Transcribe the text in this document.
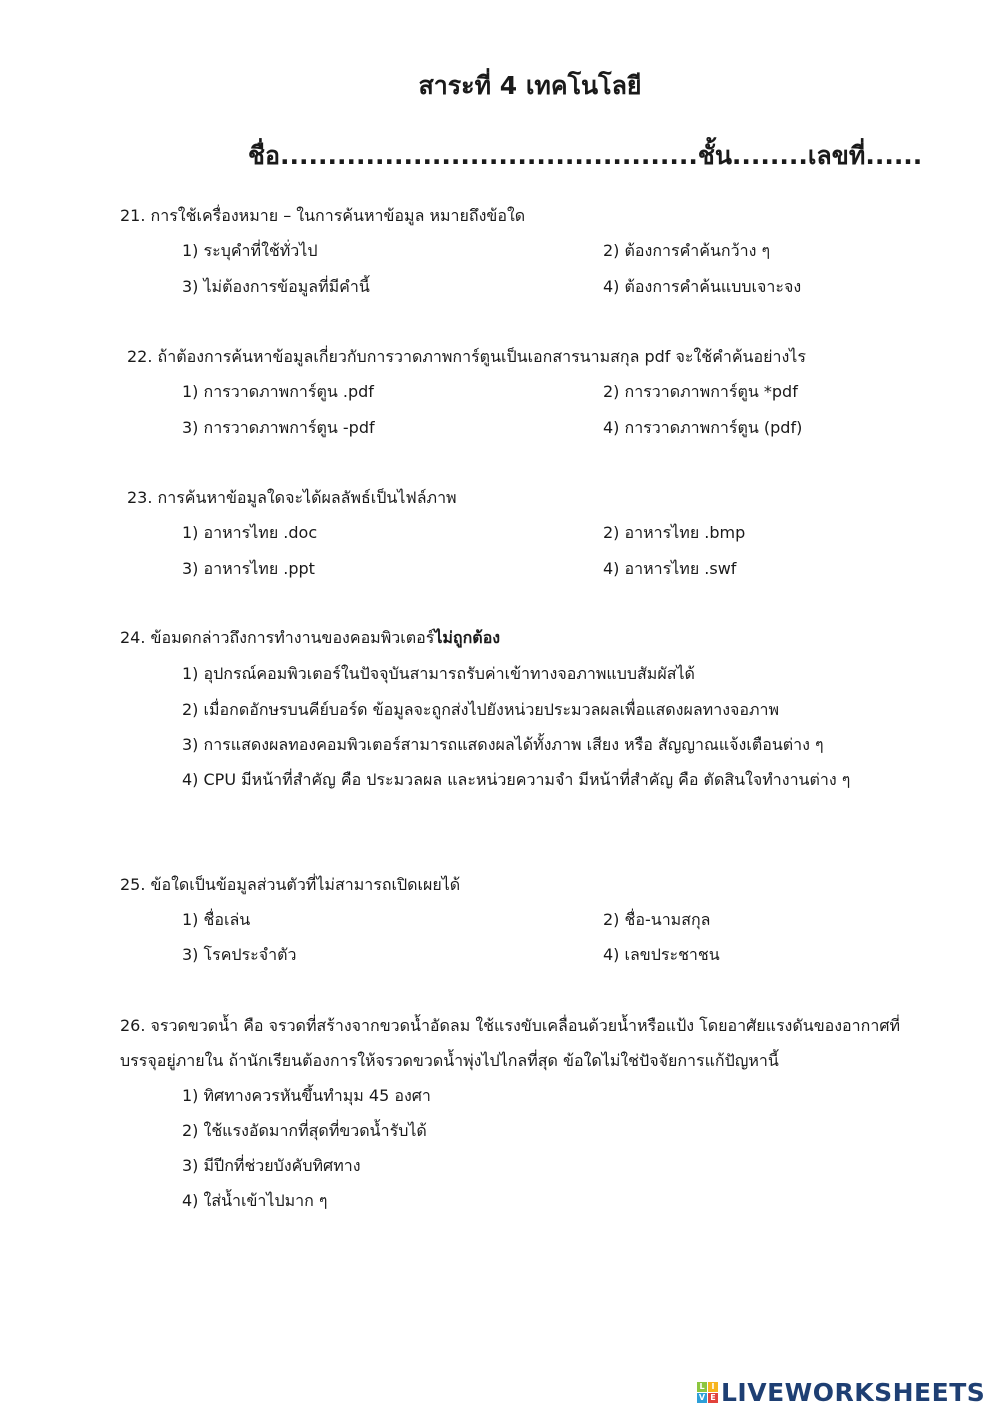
สาระที่ 4 เทคโนโลยี
ชื่อ............................................ชั้น........เลขที่......
21. การใช้เครื่องหมาย – ในการค้นหาข้อมูล หมายถึงข้อใด
1) ระบุคำที่ใช้ทั่วไป	2) ต้องการคำค้นกว้าง ๆ
3) ไม่ต้องการข้อมูลที่มีคำนี้	4) ต้องการคำค้นแบบเจาะจง
22. ถ้าต้องการค้นหาข้อมูลเกี่ยวกับการวาดภาพการ์ตูนเป็นเอกสารนามสกุล pdf จะใช้คำค้นอย่างไร
1) การวาดภาพการ์ตูน .pdf	2) การวาดภาพการ์ตูน *pdf
3) การวาดภาพการ์ตูน -pdf	4) การวาดภาพการ์ตูน (pdf)
23. การค้นหาข้อมูลใดจะได้ผลลัพธ์เป็นไฟล์ภาพ
1) อาหารไทย .doc	2) อาหารไทย .bmp
3) อาหารไทย .ppt	4) อาหารไทย .swf
24. ข้อมดกล่าวถึงการทำงานของคอมพิวเตอร์ไม่ถูกต้อง
1) อุปกรณ์คอมพิวเตอร์ในปัจจุบันสามารถรับค่าเข้าทางจอภาพแบบสัมผัสได้
2) เมื่อกดอักษรบนคีย์บอร์ด ข้อมูลจะถูกส่งไปยังหน่วยประมวลผลเพื่อแสดงผลทางจอภาพ
3) การแสดงผลทองคอมพิวเตอร์สามารถแสดงผลได้ทั้งภาพ เสียง หรือ สัญญาณแจ้งเตือนต่าง ๆ
4) CPU มีหน้าที่สำคัญ คือ ประมวลผล และหน่วยความจำ มีหน้าที่สำคัญ คือ ตัดสินใจทำงานต่าง ๆ
25. ข้อใดเป็นข้อมูลส่วนตัวที่ไม่สามารถเปิดเผยได้
1) ชื่อเล่น	2) ชื่อ-นามสกุล
3) โรคประจำตัว	4) เลขประชาชน
26. จรวดขวดน้ำ คือ จรวดที่สร้างจากขวดน้ำอัดลม ใช้แรงขับเคลื่อนด้วยน้ำหรือแป้ง โดยอาศัยแรงดันของอากาศที่
บรรจุอยู่ภายใน ถ้านักเรียนต้องการให้จรวดขวดน้ำพุ่งไปไกลที่สุด ข้อใดไม่ใช่ปัจจัยการแก้ปัญหานี้
1) ทิศทางควรหันขึ้นทำมุม 45 องศา
2) ใช้แรงอัดมากที่สุดที่ขวดน้ำรับได้
3) มีปีกที่ช่วยบังคับทิศทาง
4) ใส่น้ำเข้าไปมาก ๆ
L I
V E LIVEWORKSHEETS
